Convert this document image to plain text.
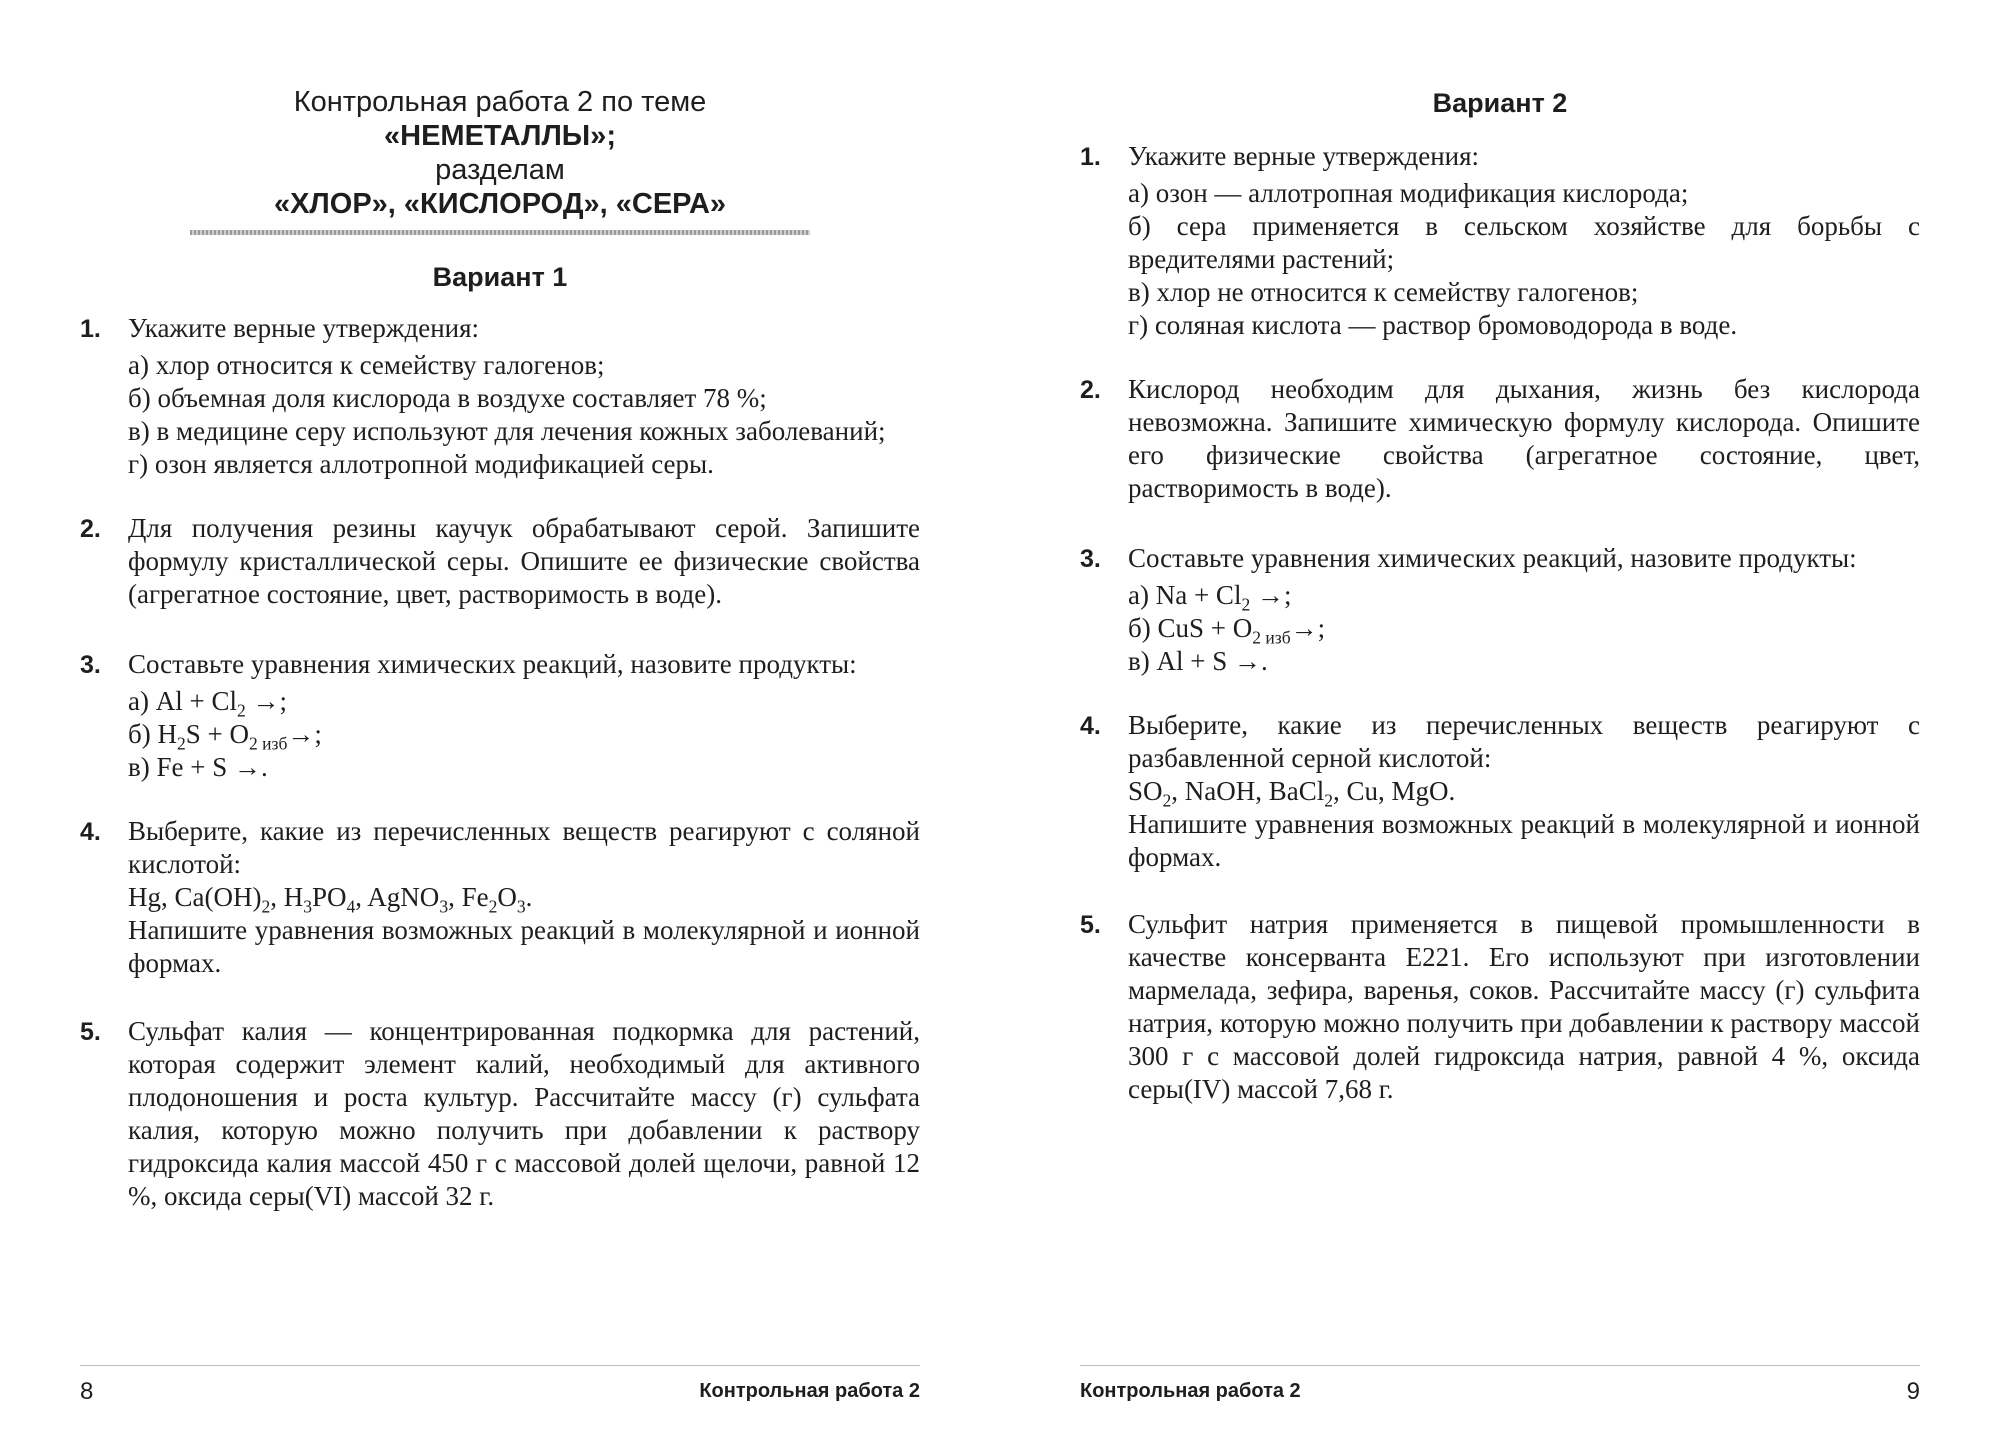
Контрольная работа 2 по теме
«НЕМЕТАЛЛЫ»;
разделам
«ХЛОР», «КИСЛОРОД», «СЕРА»
Вариант 1
1.	Укажите верные утверждения:

а) хлор относится к семейству галогенов;
б) объемная доля кислорода в воздухе составляет 78 %;
в) в медицине серу используют для лечения кожных заболеваний;
г) озон является аллотропной модификацией серы.
2.	Для получения резины каучук обрабатывают серой. Запишите формулу кристаллической серы. Опишите ее физические свойства (агрегатное состояние, цвет, растворимость в воде).

3.	Составьте уравнения химических реакций, назовите продукты:

а) $Al + Cl_2$ →;
б) $H_2S + O_{2 изб}\to$;
в) Fe + S →.
4.	Выберите, какие из перечисленных веществ реагируют с соляной кислотой:

Hg, $Ca(OH)_2$, $H_3PO_4$, AgNO$_3$, $Fe_2O_3$.

Напишите уравнения возможных реакций в молекулярной и ионной формах.

5.	Сульфат калия — концентрированная подкормка для растений, которая содержит элемент калий, необходимый для активного плодоношения и роста культур. Рассчитайте массу (г) сульфата калия, которую можно получить при добавлении к раствору гидроксида калия массой 450 г с массовой долей щелочи, равной 12 %, оксида серы(VI) массой 32 г.

8	Контрольная работа 2
Вариант 2
1.	Укажите верные утверждения:

а) озон — аллотропная модификация кислорода;
б) сера применяется в сельском хозяйстве для борьбы с вредителями растений;
в) хлор не относится к семейству галогенов;
г) соляная кислота — раствор бромоводорода в воде.
2.	Кислород необходим для дыхания, жизнь без кислорода невозможна. Запишите химическую формулу кислорода. Опишите его физические свойства (агрегатное состояние, цвет, растворимость в воде).

3.	Составьте уравнения химических реакций, назовите продукты:

а) $Na + Cl_2$ →;
б) CuS + $O_{2 изб}\to$;
в) Al + S →.
4.	Выберите, какие из перечисленных веществ реагируют с разбавленной серной кислотой:

$SO_2$, NaOH, BaCl$_2$, Cu, MgO.

Напишите уравнения возможных реакций в молекулярной и ионной формах.

5.	Сульфит натрия применяется в пищевой промышленности в качестве консерванта E221. Его используют при изготовлении мармелада, зефира, варенья, соков. Рассчитайте массу (г) сульфита натрия, которую можно получить при добавлении к раствору массой 300 г с массовой долей гидроксида натрия, равной 4 %, оксида серы(IV) массой 7,68 г.

Контрольная работа 2	9
